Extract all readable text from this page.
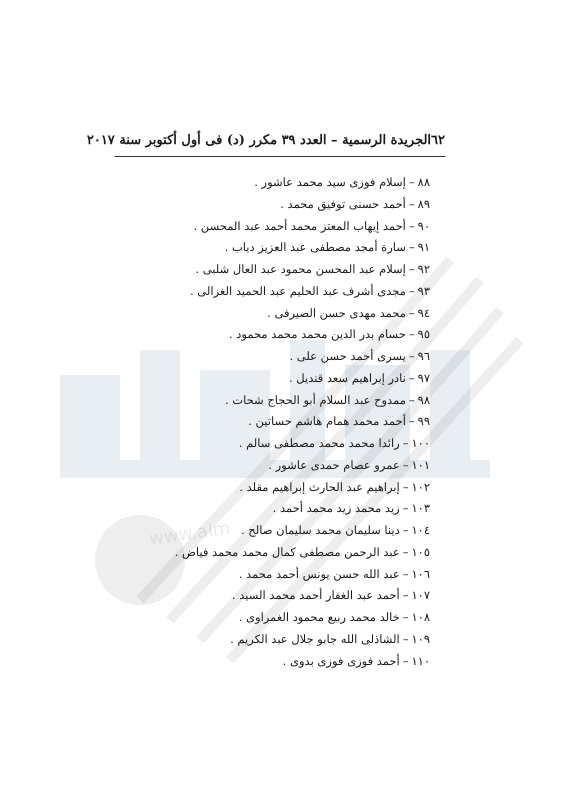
www.alm
٦٢
الجريدة الرسمية – العدد ٣٩ مكرر (د) فى أول أكتوبر سنة ٢٠١٧
٨٨–إسلام فوزى سيد محمد عاشور .
٨٩–أحمد حسنى توفيق محمد .
٩٠–أحمد إيهاب المعتز محمد أحمد عبد المحسن .
٩١–سارة أمجد مصطفى عبد العزيز دياب .
٩٢–إسلام عبد المحسن محمود عبد العال شلبى .
٩٣–مجدى أشرف عبد الحليم عبد الحميد الغزالى .
٩٤–محمد مهدى حسن الصيرفى .
٩٥–حسام بدر الدين محمد محمد محمود .
٩٦–يسرى أحمد حسن على .
٩٧–نادر إبراهيم سعد قنديل .
٩٨–ممدوح عبد السلام أبو الحجاج شحات .
٩٩–أحمد محمد همام هاشم حساتين .
١٠٠–رائدا محمد محمد مصطفى سالم .
١٠١–عمرو عصام حمدى عاشور .
١٠٢–إبراهيم عبد الحارث إبراهيم مقلد .
١٠٣–زيد محمد زيد محمد أحمد .
١٠٤–دينا سليمان محمد سليمان صالح .
١٠٥–عبد الرحمن مصطفى كمال محمد محمد فياض .
١٠٦–عبد الله حسن يونس أحمد محمد .
١٠٧–أحمد عبد الغفار أحمد محمد السيد .
١٠٨–خالد محمد ربيع محمود الغمراوى .
١٠٩–الشاذلى الله جابو جلال عبد الكريم .
١١٠–أحمد فوزى فوزى بدوى .
